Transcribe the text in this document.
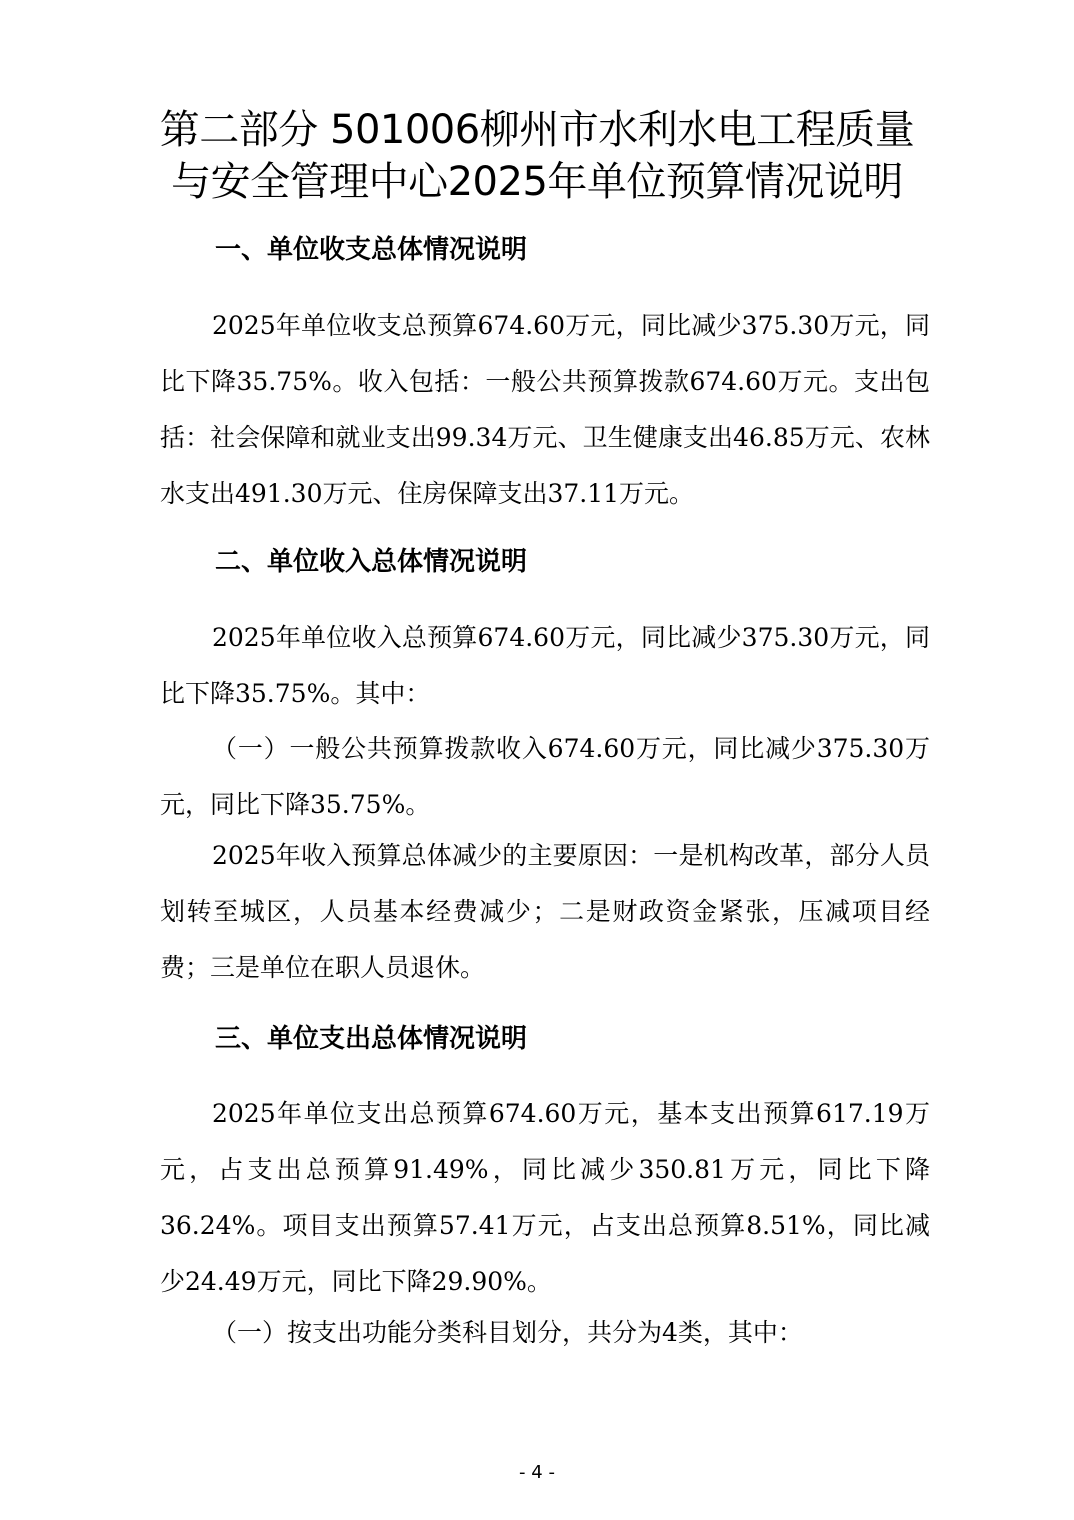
第二部分 501006柳州市水利水电工程质量
与安全管理中心2025年单位预算情况说明
一、单位收支总体情况说明
2025年单位收支总预算674.60万元，同比减少375.30万元，同比下降35.75%。收入包括：一般公共预算拨款674.60万元。支出包括：社会保障和就业支出99.34万元、卫生健康支出46.85万元、农林水支出491.30万元、住房保障支出37.11万元。
二、单位收入总体情况说明
2025年单位收入总预算674.60万元，同比减少375.30万元，同比下降35.75%。其中：
（一）一般公共预算拨款收入674.60万元，同比减少375.30万元，同比下降35.75%。
2025年收入预算总体减少的主要原因：一是机构改革，部分人员划转至城区，人员基本经费减少；二是财政资金紧张，压减项目经费；三是单位在职人员退休。
三、单位支出总体情况说明
2025年单位支出总预算674.60万元，基本支出预算617.19万元，占支出总预算91.49%，同比减少350.81万元，同比下降36.24%。项目支出预算57.41万元，占支出总预算8.51%，同比减少24.49万元，同比下降29.90%。
（一）按支出功能分类科目划分，共分为4类，其中：
- 4 -
